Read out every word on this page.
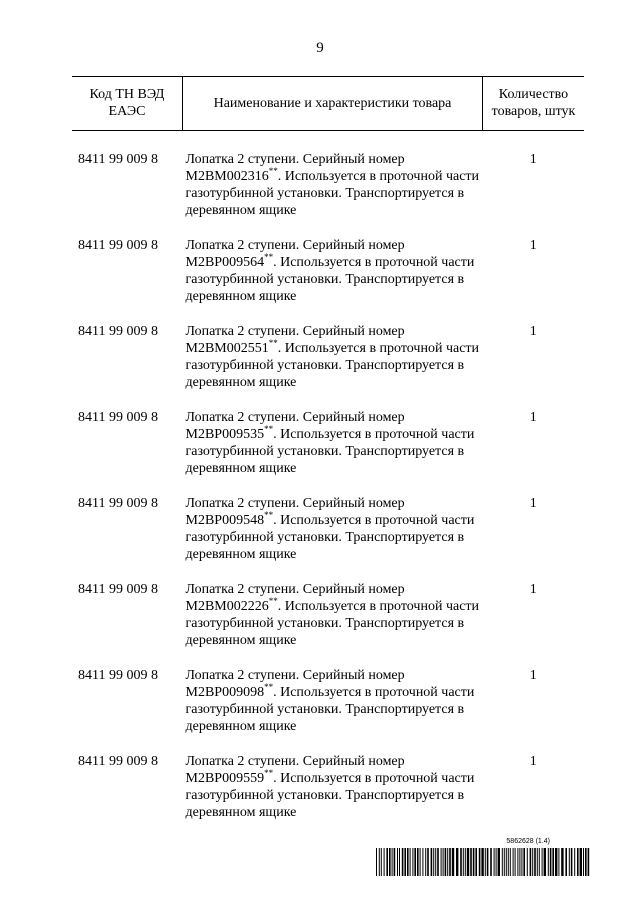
9
Код ТН ВЭД ЕАЭС	Наименование и характеристики товара	Количество товаров, штук

8411 99 009 8	Лопатка 2 ступени. Серийный номер M2BM002316**. Используется в проточной части газотурбинной установки. Транспортируется в деревянном ящике	1
8411 99 009 8	Лопатка 2 ступени. Серийный номер M2BP009564**. Используется в проточной части газотурбинной установки. Транспортируется в деревянном ящике	1
8411 99 009 8	Лопатка 2 ступени. Серийный номер M2BM002551**. Используется в проточной части газотурбинной установки. Транспортируется в деревянном ящике	1
8411 99 009 8	Лопатка 2 ступени. Серийный номер M2BP009535**. Используется в проточной части газотурбинной установки. Транспортируется в деревянном ящике	1
8411 99 009 8	Лопатка 2 ступени. Серийный номер M2BP009548**. Используется в проточной части газотурбинной установки. Транспортируется в деревянном ящике	1
8411 99 009 8	Лопатка 2 ступени. Серийный номер M2BM002226**. Используется в проточной части газотурбинной установки. Транспортируется в деревянном ящике	1
8411 99 009 8	Лопатка 2 ступени. Серийный номер M2BP009098**. Используется в проточной части газотурбинной установки. Транспортируется в деревянном ящике	1
8411 99 009 8	Лопатка 2 ступени. Серийный номер M2BP009559**. Используется в проточной части газотурбинной установки. Транспортируется в деревянном ящике	1
5862628 (1.4)
